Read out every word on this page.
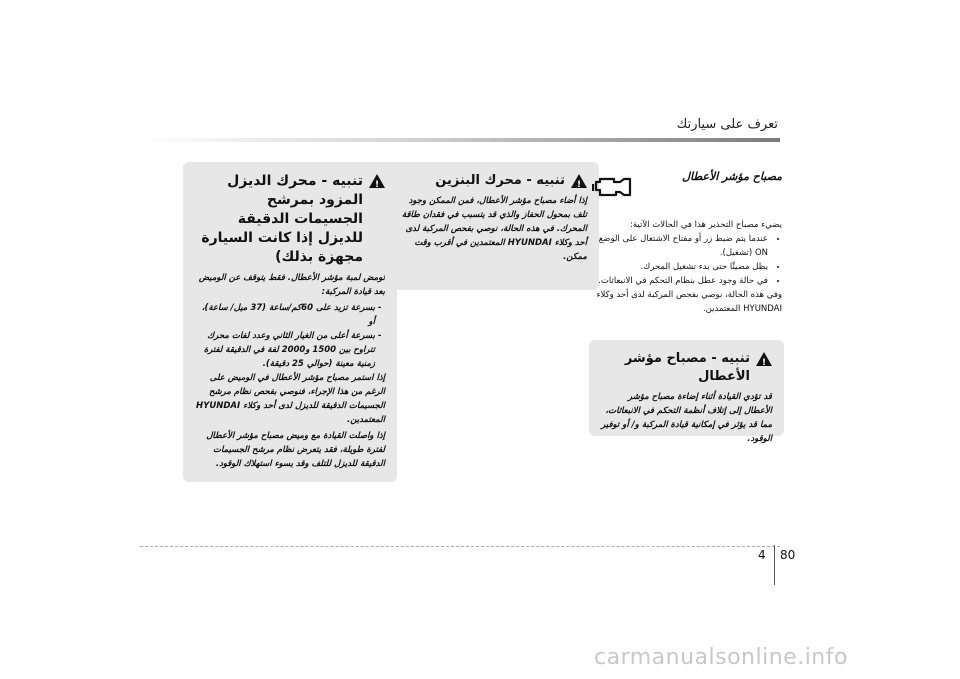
تعرف على سيارتك
!
تنبيه - محرك الديزل المزود بمرشح الجسيمات الدقيقة للديزل إذا كانت السيارة مجهزة بذلك)

تومض لمبة مؤشر الأعطال. فقط يتوقف عن الوميض بعد قيادة المركبة:

- بسرعة تزيد على 60كم/ساعة (37 ميل/ ساعة)، أو
- بسرعة أعلى من الغيار الثاني وعدد لفات محرك تتراوح بين 1500 و2000 لفة في الدقيقة لفترة زمنية معينة (حوالي 25 دقيقة).

إذا استمر مصباح مؤشر الأعطال في الوميض على الرغم من هذا الإجراء، فنوصي بفحص نظام مرشح الجسيمات الدقيقة للديزل لدى أحد وكلاء HYUNDAI المعتمدين.

إذا واصلت القيادة مع وميض مصباح مؤشر الأعطال لفترة طويلة، فقد يتعرض نظام مرشح الجسيمات الدقيقة للديزل للتلف وقد يسوء استهلاك الوقود.

!
تنبيه - محرك البنزين
إذا أضاء مصباح مؤشر الأعطال، فمن الممكن وجود تلف بمحول الحفاز والذي قد يتسبب في فقدان طاقة المحرك. في هذه الحالة، نوصي بفحص المركبة لدى أحد وكلاء HYUNDAI المعتمدين في أقرب وقت ممكن.
مصباح مؤشر الأعطال

يضيء مصباح التحذير هذا في الحالات الآتية:

• عندما يتم ضبط زر أو مفتاح الاشتعال على الوضع ON (تشغيل).
• يظل مضيئًا حتى بدء تشغيل المحرك.
• في حالة وجود عطل بنظام التحكم في الانبعاثات.

وفي هذه الحالة، نوصي بفحص المركبة لدى أحد وكلاء HYUNDAI المعتمدين.

!
تنبيه - مصباح مؤشر الأعطال
قد تؤدي القيادة أثناء إضاءة مصباح مؤشر الأعطال إلى إتلاف أنظمة التحكم في الانبعاثات، مما قد يؤثر في إمكانية قيادة المركبة و/ أو توفير الوقود.
4 80
carmanualsonline.info
